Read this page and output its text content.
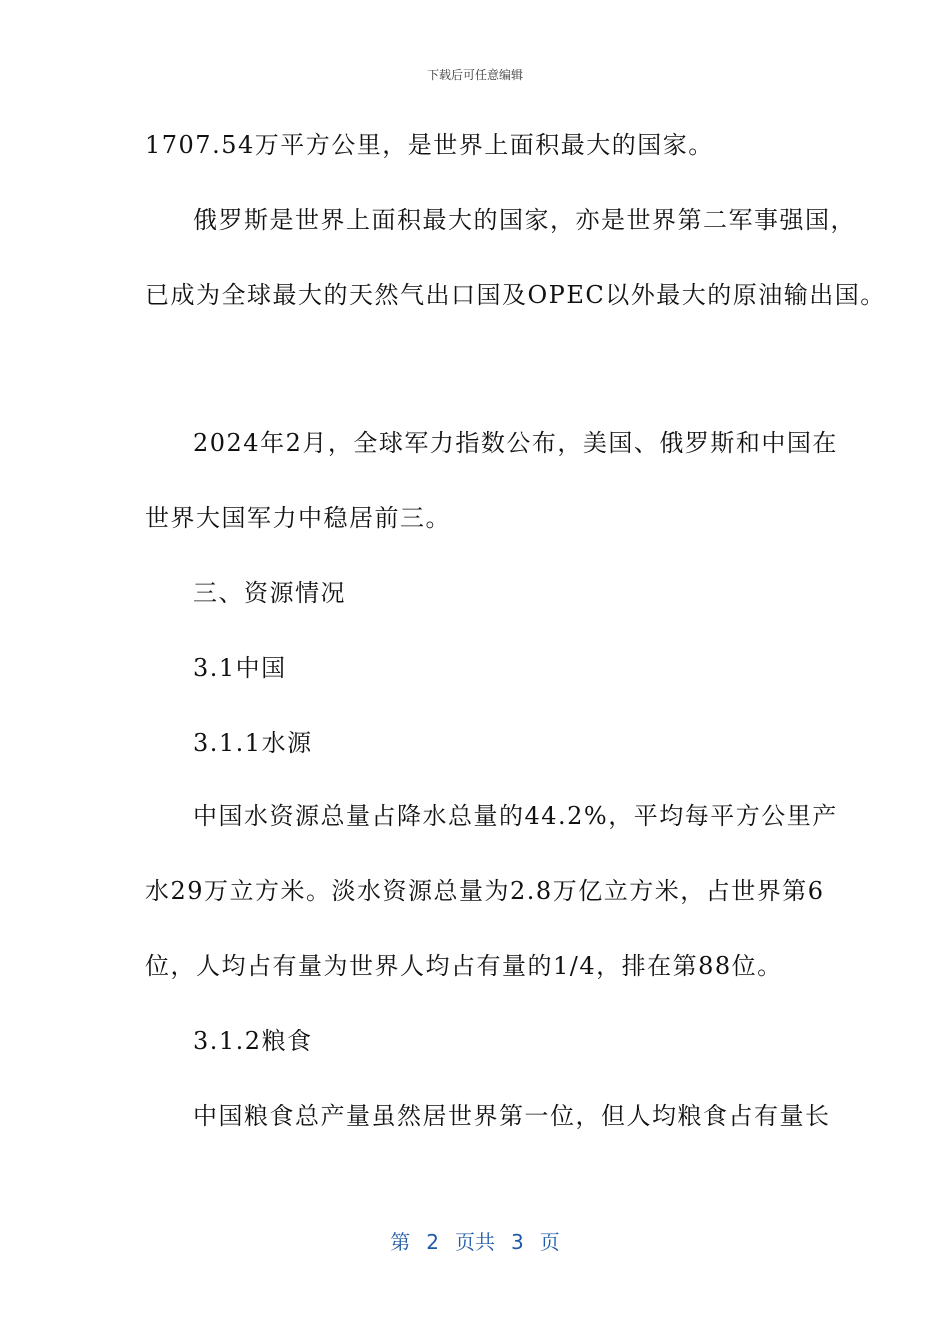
下载后可任意编辑
1707.54万平方公里，是世界上面积最大的国家。
俄罗斯是世界上面积最大的国家，亦是世界第二军事强国，
已成为全球最大的天然气出口国及OPEC以外最大的原油输出国。
2024年2月，全球军力指数公布，美国、俄罗斯和中国在
世界大国军力中稳居前三。
三、资源情况
3.1中国
3.1.1水源
中国水资源总量占降水总量的44.2%，平均每平方公里产
水29万立方米。淡水资源总量为2.8万亿立方米，占世界第6
位，人均占有量为世界人均占有量的1/4，排在第88位。
3.1.2粮食
中国粮食总产量虽然居世界第一位，但人均粮食占有量长
第 2 页共 3 页
